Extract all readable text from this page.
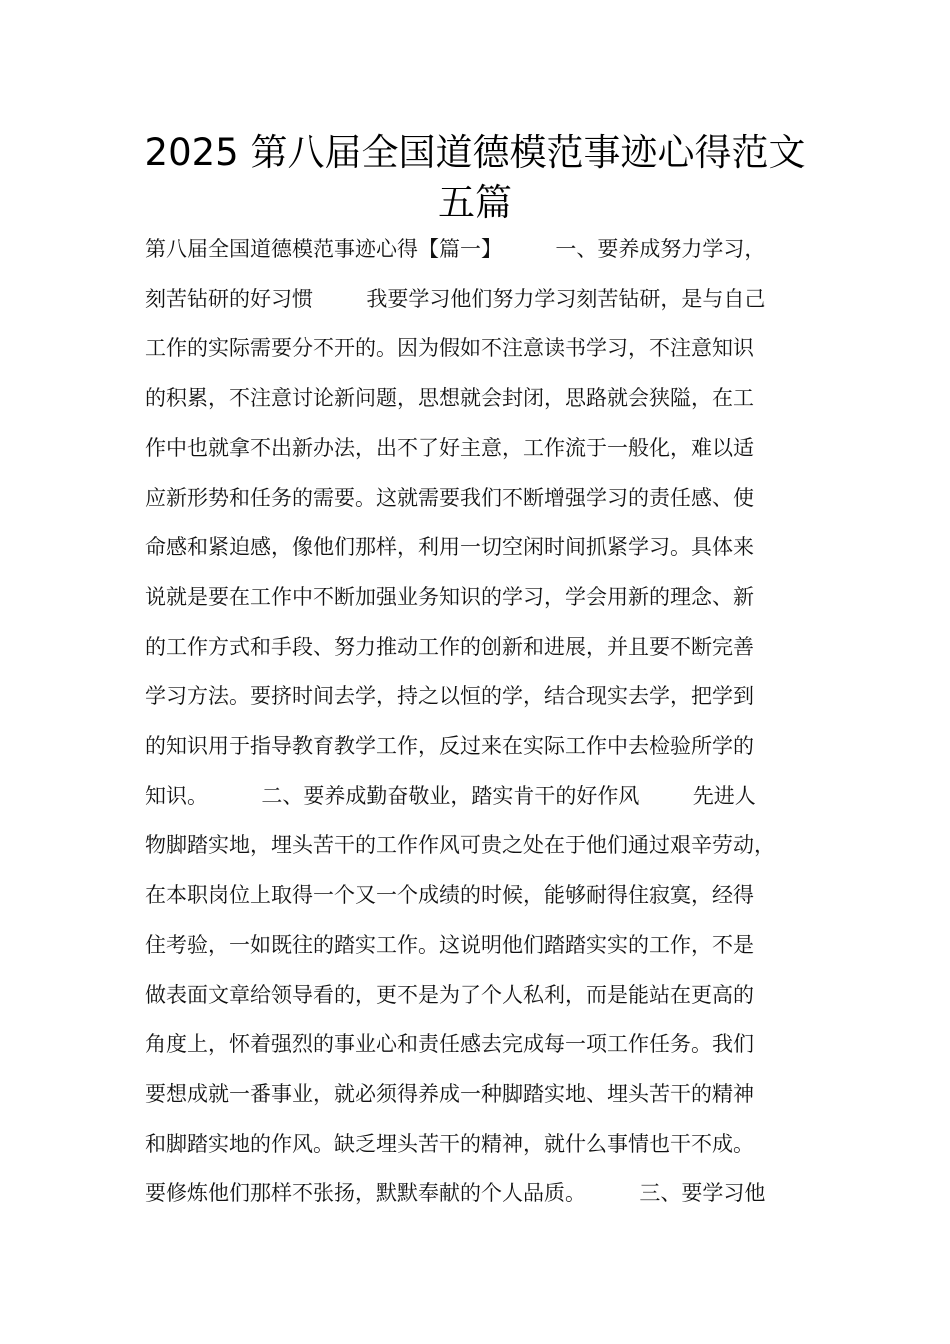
2025 第八届全国道德模范事迹心得范文
五篇
第八届全国道德模范事迹心得【篇一】        一、要养成努力学习，
刻苦钻研的好习惯        我要学习他们努力学习刻苦钻研，是与自己
工作的实际需要分不开的。因为假如不注意读书学习，不注意知识
的积累，不注意讨论新问题，思想就会封闭，思路就会狭隘，在工
作中也就拿不出新办法，出不了好主意，工作流于一般化，难以适
应新形势和任务的需要。这就需要我们不断增强学习的责任感、使
命感和紧迫感，像他们那样，利用一切空闲时间抓紧学习。具体来
说就是要在工作中不断加强业务知识的学习，学会用新的理念、新
的工作方式和手段、努力推动工作的创新和进展，并且要不断完善
学习方法。要挤时间去学，持之以恒的学，结合现实去学，把学到
的知识用于指导教育教学工作，反过来在实际工作中去检验所学的
知识。        二、要养成勤奋敬业，踏实肯干的好作风        先进人
物脚踏实地，埋头苦干的工作作风可贵之处在于他们通过艰辛劳动，
在本职岗位上取得一个又一个成绩的时候，能够耐得住寂寞，经得
住考验，一如既往的踏实工作。这说明他们踏踏实实的工作，不是
做表面文章给领导看的，更不是为了个人私利，而是能站在更高的
角度上，怀着强烈的事业心和责任感去完成每一项工作任务。我们
要想成就一番事业，就必须得养成一种脚踏实地、埋头苦干的精神
和脚踏实地的作风。缺乏埋头苦干的精神，就什么事情也干不成。
要修炼他们那样不张扬，默默奉献的个人品质。        三、要学习他
